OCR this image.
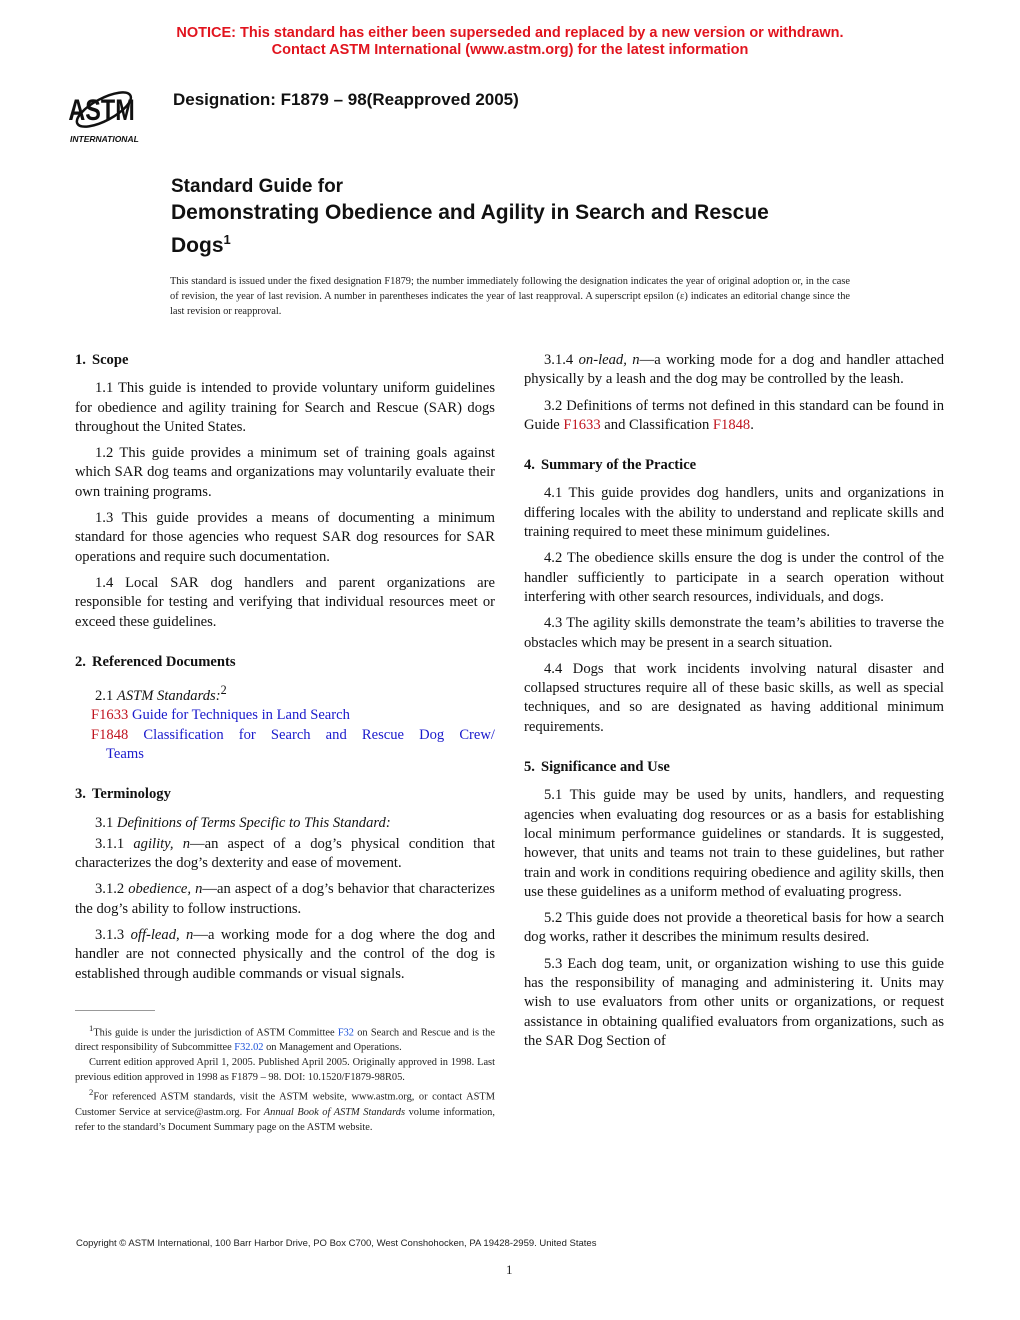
NOTICE: This standard has either been superseded and replaced by a new version or withdrawn.
Contact ASTM International (www.astm.org) for the latest information
ASTM
INTERNATIONAL
Designation: F1879 – 98(Reapproved 2005)
Standard Guide for
Demonstrating Obedience and Agility in Search and Rescue
Dogs$^1$
This standard is issued under the fixed designation F1879; the number immediately following the designation indicates the year of original adoption or, in the case of revision, the year of last revision. A number in parentheses indicates the year of last reapproval. A superscript epsilon (ε) indicates an editorial change since the last revision or reapproval.
1. Scope

1.1 This guide is intended to provide voluntary uniform guidelines for obedience and agility training for Search and Rescue (SAR) dogs throughout the United States.

1.2 This guide provides a minimum set of training goals against which SAR dog teams and organizations may voluntarily evaluate their own training programs.

1.3 This guide provides a means of documenting a minimum standard for those agencies who request SAR dog resources for SAR operations and require such documentation.

1.4 Local SAR dog handlers and parent organizations are responsible for testing and verifying that individual resources meet or exceed these guidelines.

2. Referenced Documents

2.1 ASTM Standards:$^2$

F1633 Guide for Techniques in Land Search

F1848 Classification for Search and Rescue Dog Crew/

Teams

3. Terminology

3.1 Definitions of Terms Specific to This Standard:

3.1.1 agility, n—an aspect of a dog’s physical condition that characterizes the dog’s dexterity and ease of movement.

3.1.2 obedience, n—an aspect of a dog’s behavior that characterizes the dog’s ability to follow instructions.

3.1.3 off-lead, n—a working mode for a dog where the dog and handler are not connected physically and the control of the dog is established through audible commands or visual signals.

3.1.4 on-lead, n—a working mode for a dog and handler attached physically by a leash and the dog may be controlled by the leash.

3.2 Definitions of terms not defined in this standard can be found in Guide F1633 and Classification F1848.

4. Summary of the Practice

4.1 This guide provides dog handlers, units and organizations in differing locales with the ability to understand and replicate skills and training required to meet these minimum guidelines.

4.2 The obedience skills ensure the dog is under the control of the handler sufficiently to participate in a search operation without interfering with other search resources, individuals, and dogs.

4.3 The agility skills demonstrate the team’s abilities to traverse the obstacles which may be present in a search situation.

4.4 Dogs that work incidents involving natural disaster and collapsed structures require all of these basic skills, as well as special techniques, and so are designated as having additional minimum requirements.

5. Significance and Use

5.1 This guide may be used by units, handlers, and requesting agencies when evaluating dog resources or as a basis for establishing local minimum performance guidelines or standards. It is suggested, however, that units and teams not train to these guidelines, but rather train and work in conditions requiring obedience and agility skills, then use these guidelines as a uniform method of evaluating progress.

5.2 This guide does not provide a theoretical basis for how a search dog works, rather it describes the minimum results desired.

5.3 Each dog team, unit, or organization wishing to use this guide has the responsibility of managing and administering it. Units may wish to use evaluators from other units or organizations, or request assistance in obtaining qualified evaluators from organizations, such as the SAR Dog Section of

$^1$This guide is under the jurisdiction of ASTM Committee F32 on Search and Rescue and is the direct responsibility of Subcommittee F32.02 on Management and Operations.

Current edition approved April 1, 2005. Published April 2005. Originally approved in 1998. Last previous edition approved in 1998 as F1879 – 98. DOI: 10.1520/F1879-98R05.

$^2$For referenced ASTM standards, visit the ASTM website, www.astm.org, or contact ASTM Customer Service at service@astm.org. For Annual Book of ASTM Standards volume information, refer to the standard’s Document Summary page on the ASTM website.

Copyright © ASTM International, 100 Barr Harbor Drive, PO Box C700, West Conshohocken, PA 19428-2959. United States
1
